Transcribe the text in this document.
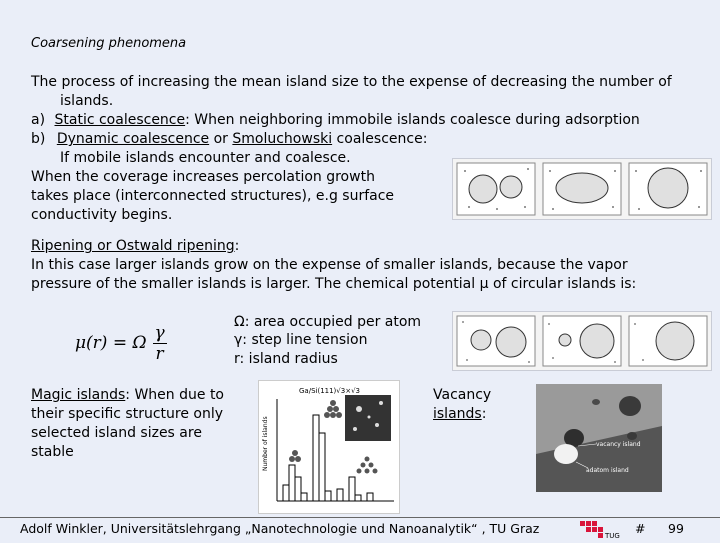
Coarsening phenomena
The process of increasing the mean island size to the expense of decreasing the number of
islands.
a) Static coalescence: When neighboring immobile islands coalesce during adsorption
b) Dynamic coalescence or Smoluchowski coalescence:
If mobile islands encounter and coalesce.
When the coverage increases percolation growth
takes place (interconnected structures), e.g surface
conductivity begins.
Ripening or Ostwald ripening:
In this case larger islands grow on the expense of smaller islands, because the vapor
pressure of the smaller islands is larger. The chemical potential μ of circular islands is:
μ(r) = Ω
γ
r
Ω: area occupied per atom
γ: step line tension
r: island radius
Magic islands: When due to
their specific structure only
selected island sizes are
stable
Ga/Si(111)√3×√3
Number of islands
Vacancy
islands:
vacancy island
adatom island
Adolf Winkler, Universitätslehrgang „Nanotechnologie und Nanoanalytik“ , TU Graz	TUG # 99
